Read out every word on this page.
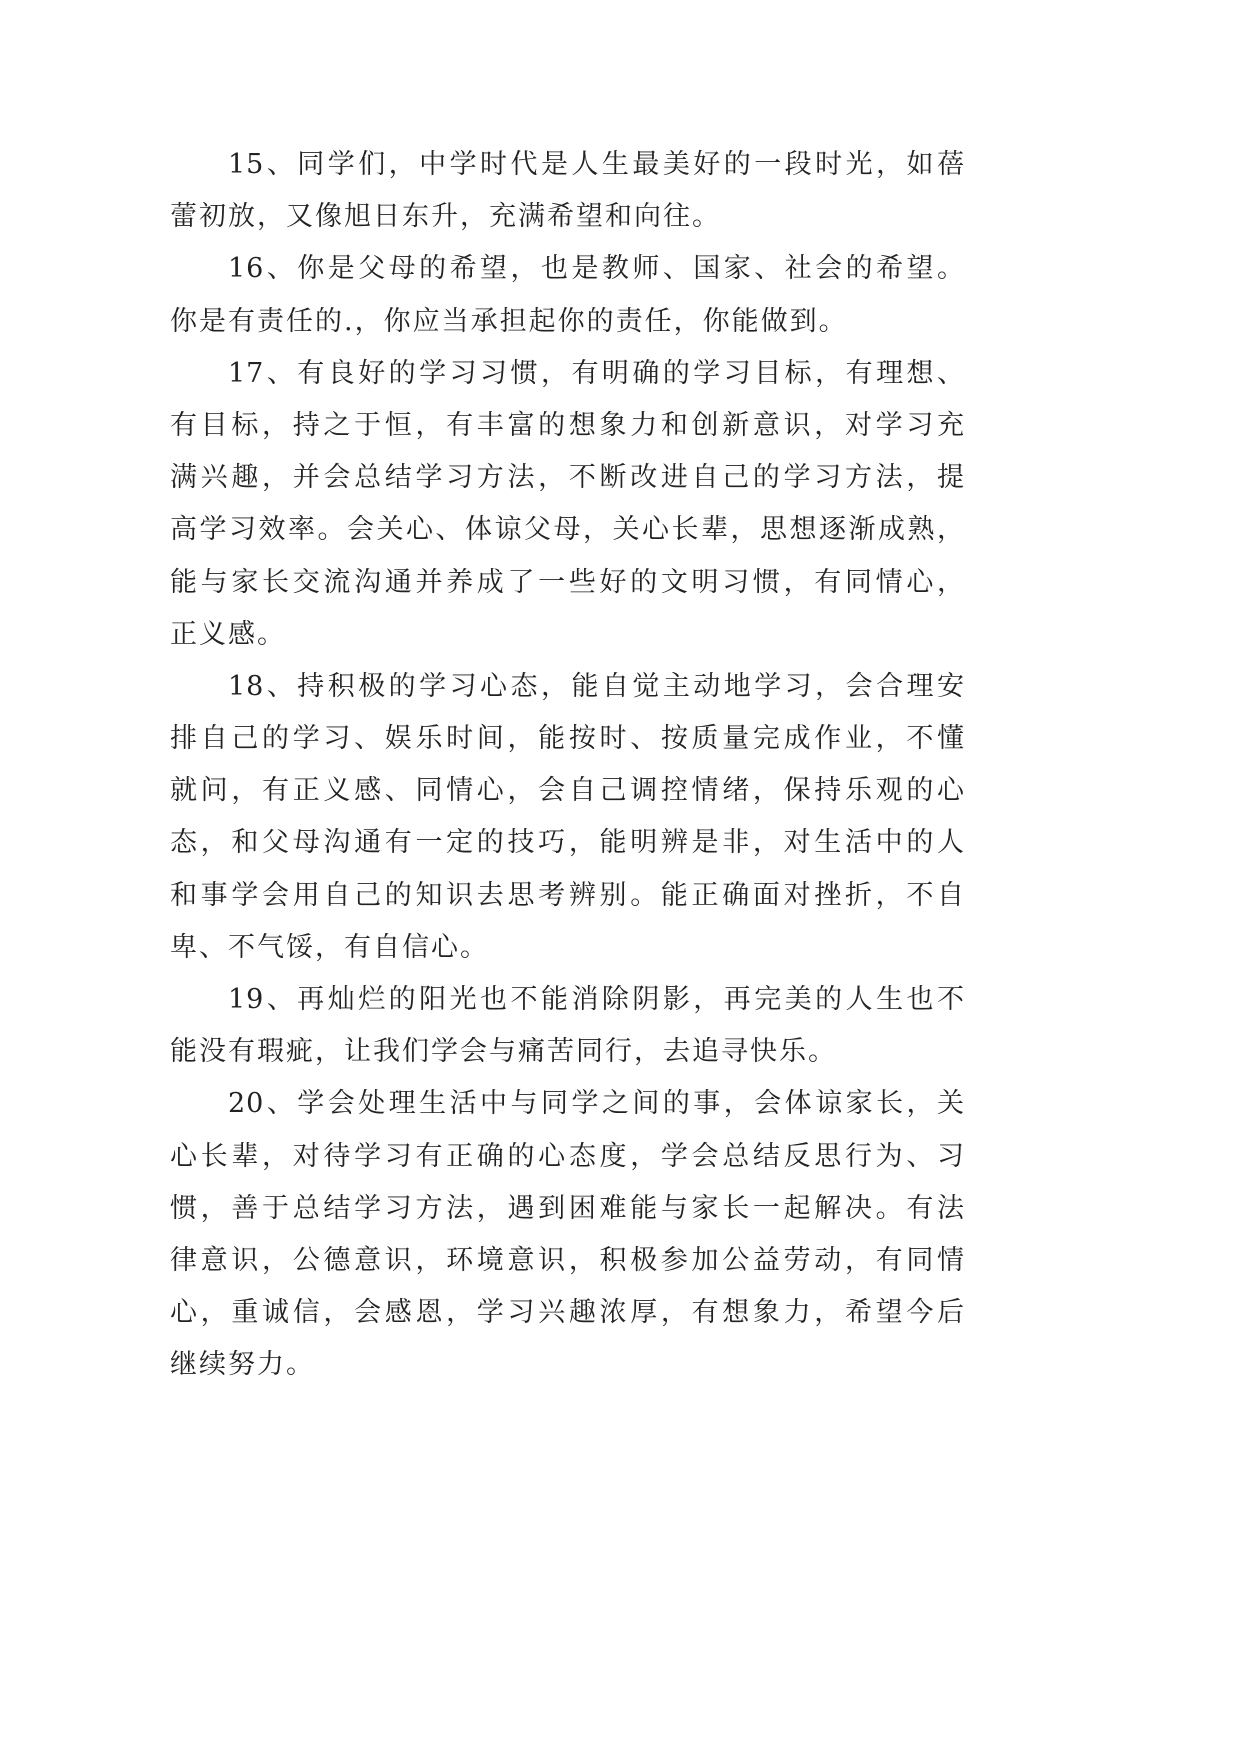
15、同学们，中学时代是人生最美好的一段时光，如蓓
蕾初放，又像旭日东升，充满希望和向往。
16、你是父母的希望，也是教师、国家、社会的希望。
你是有责任的.，你应当承担起你的责任，你能做到。
17、有良好的学习习惯，有明确的学习目标，有理想、
有目标，持之于恒，有丰富的想象力和创新意识，对学习充
满兴趣，并会总结学习方法，不断改进自己的学习方法，提
高学习效率。会关心、体谅父母，关心长辈，思想逐渐成熟，
能与家长交流沟通并养成了一些好的文明习惯，有同情心，
正义感。
18、持积极的学习心态，能自觉主动地学习，会合理安
排自己的学习、娱乐时间，能按时、按质量完成作业，不懂
就问，有正义感、同情心，会自己调控情绪，保持乐观的心
态，和父母沟通有一定的技巧，能明辨是非，对生活中的人
和事学会用自己的知识去思考辨别。能正确面对挫折，不自
卑、不气馁，有自信心。
19、再灿烂的阳光也不能消除阴影，再完美的人生也不
能没有瑕疵，让我们学会与痛苦同行，去追寻快乐。
20、学会处理生活中与同学之间的事，会体谅家长，关
心长辈，对待学习有正确的心态度，学会总结反思行为、习
惯，善于总结学习方法，遇到困难能与家长一起解决。有法
律意识，公德意识，环境意识，积极参加公益劳动，有同情
心，重诚信，会感恩，学习兴趣浓厚，有想象力，希望今后
继续努力。
